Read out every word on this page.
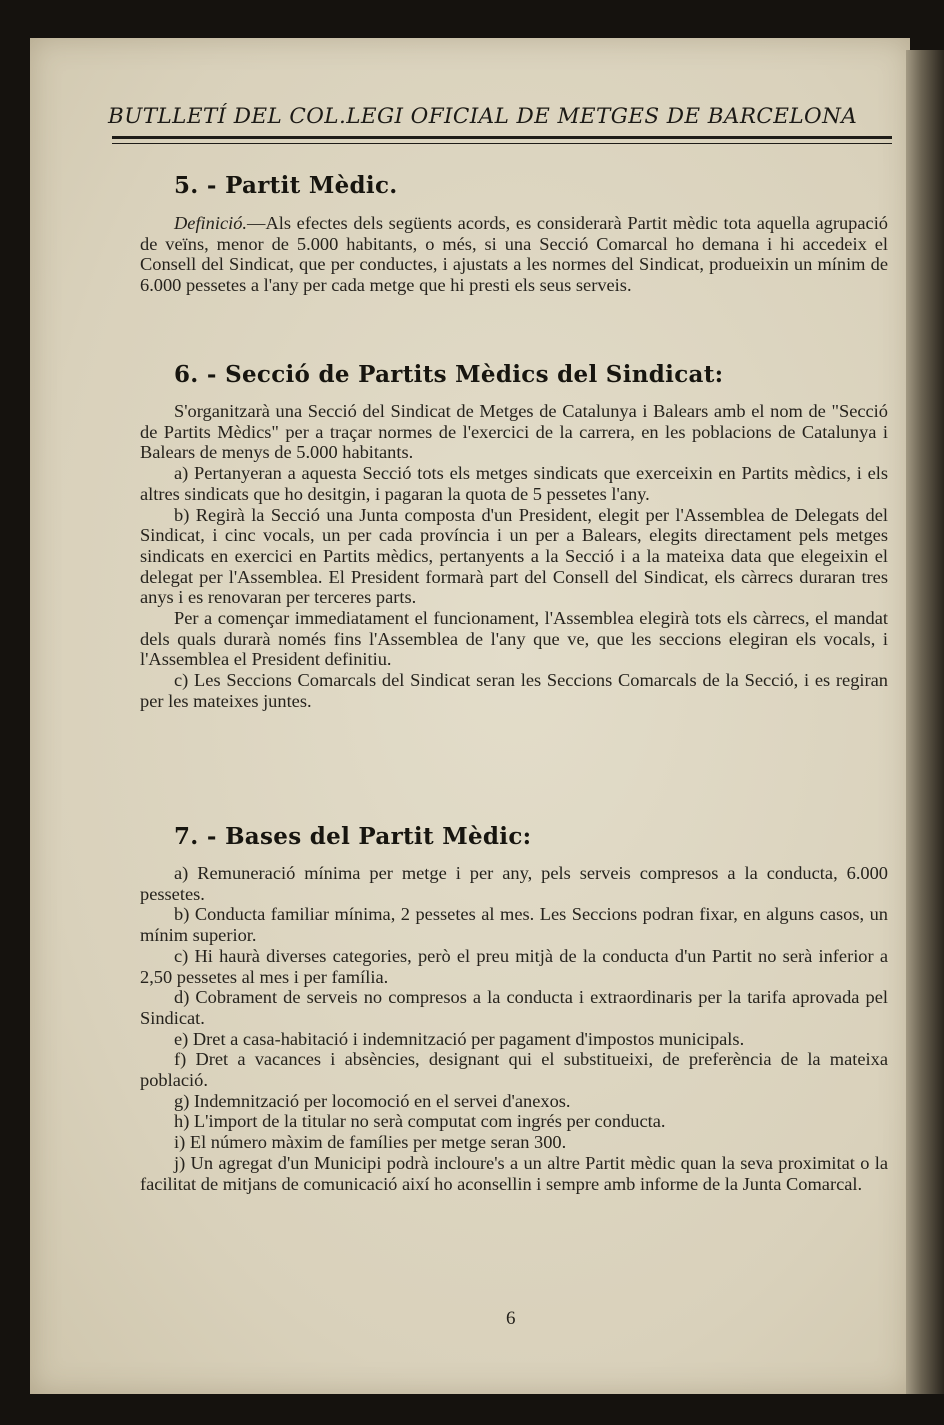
BUTLLETÍ DEL COL.LEGI OFICIAL DE METGES DE BARCELONA
5. - Partit Mèdic.

Definició.—Als efectes dels següents acords, es considerarà Partit mèdic tota aquella agrupació de veïns, menor de 5.000 habitants, o més, si una Secció Comarcal ho demana i hi accedeix el Consell del Sindicat, que per conductes, i ajustats a les normes del Sindicat, produeixin un mínim de 6.000 pessetes a l'any per cada metge que hi presti els seus serveis.

6. - Secció de Partits Mèdics del Sindicat:

S'organitzarà una Secció del Sindicat de Metges de Catalunya i Balears amb el nom de "Secció de Partits Mèdics" per a traçar normes de l'exercici de la carrera, en les poblacions de Catalunya i Balears de menys de 5.000 habitants.

a) Pertanyeran a aquesta Secció tots els metges sindicats que exerceixin en Partits mèdics, i els altres sindicats que ho desitgin, i pagaran la quota de 5 pessetes l'any.

b) Regirà la Secció una Junta composta d'un President, elegit per l'Assemblea de Delegats del Sindicat, i cinc vocals, un per cada província i un per a Balears, elegits directament pels metges sindicats en exercici en Partits mèdics, pertanyents a la Secció i a la mateixa data que elegeixin el delegat per l'Assemblea. El President formarà part del Consell del Sindicat, els càrrecs duraran tres anys i es renovaran per terceres parts.

Per a començar immediatament el funcionament, l'Assemblea elegirà tots els càrrecs, el mandat dels quals durarà només fins l'Assemblea de l'any que ve, que les seccions elegiran els vocals, i l'Assemblea el President definitiu.

c) Les Seccions Comarcals del Sindicat seran les Seccions Comarcals de la Secció, i es regiran per les mateixes juntes.

7. - Bases del Partit Mèdic:

a) Remuneració mínima per metge i per any, pels serveis compresos a la conducta, 6.000 pessetes.

b) Conducta familiar mínima, 2 pessetes al mes. Les Seccions podran fixar, en alguns casos, un mínim superior.

c) Hi haurà diverses categories, però el preu mitjà de la conducta d'un Partit no serà inferior a 2,50 pessetes al mes i per família.

d) Cobrament de serveis no compresos a la conducta i extraordinaris per la tarifa aprovada pel Sindicat.

e) Dret a casa-habitació i indemnització per pagament d'impostos municipals.

f) Dret a vacances i absències, designant qui el substitueixi, de preferència de la mateixa població.

g) Indemnització per locomoció en el servei d'anexos.

h) L'import de la titular no serà computat com ingrés per conducta.

i) El número màxim de famílies per metge seran 300.

j) Un agregat d'un Municipi podrà incloure's a un altre Partit mèdic quan la seva proximitat o la facilitat de mitjans de comunicació així ho aconsellin i sempre amb informe de la Junta Comarcal.

6
